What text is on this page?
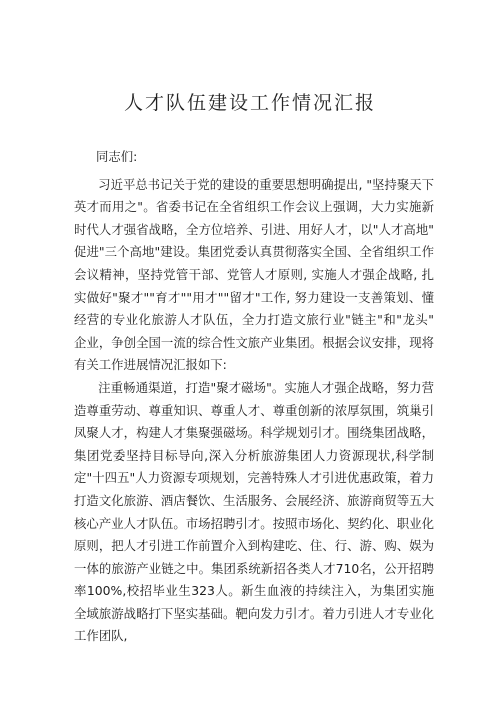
人才队伍建设工作情况汇报

同志们:

习近平总书记关于党的建设的重要思想明确提出, "坚持聚天下英才而用之"。省委书记在全省组织工作会议上强调，大力实施新时代人才强省战略，全方位培养、引进、用好人才，以"人才高地" 促进"三个高地"建设。集团党委认真贯彻落实全国、全省组织工作会议精神，坚持党管干部、党管人才原则, 实施人才强企战略, 扎实做好"聚才""育才""用才""留才"工作, 努力建设一支善策划、懂经营的专业化旅游人才队伍，全力打造文旅行业"链主"和"龙头" 企业，争创全国一流的综合性文旅产业集团。根据会议安排，现将有关工作进展情况汇报如下:

注重畅通渠道，打造"聚才磁场"。实施人才强企战略，努力营造尊重劳动、尊重知识、尊重人才、尊重创新的浓厚氛围，筑巢引凤聚人才，构建人才集聚强磁场。科学规划引才。围绕集团战略，集团党委坚持目标导向,深入分析旅游集团人力资源现状,科学制定"十四五"人力资源专项规划，完善特殊人才引进优惠政策，着力打造文化旅游、酒店餐饮、生活服务、会展经济、旅游商贸等五大核心产业人才队伍。市场招聘引才。按照市场化、契约化、职业化原则，把人才引进工作前置介入到构建吃、住、行、游、购、娱为一体的旅游产业链之中。集团系统新招各类人才710名，公开招聘率100%,校招毕业生323人。新生血液的持续注入，为集团实施全域旅游战略打下坚实基础。靶向发力引才。着力引进人才专业化工作团队,
